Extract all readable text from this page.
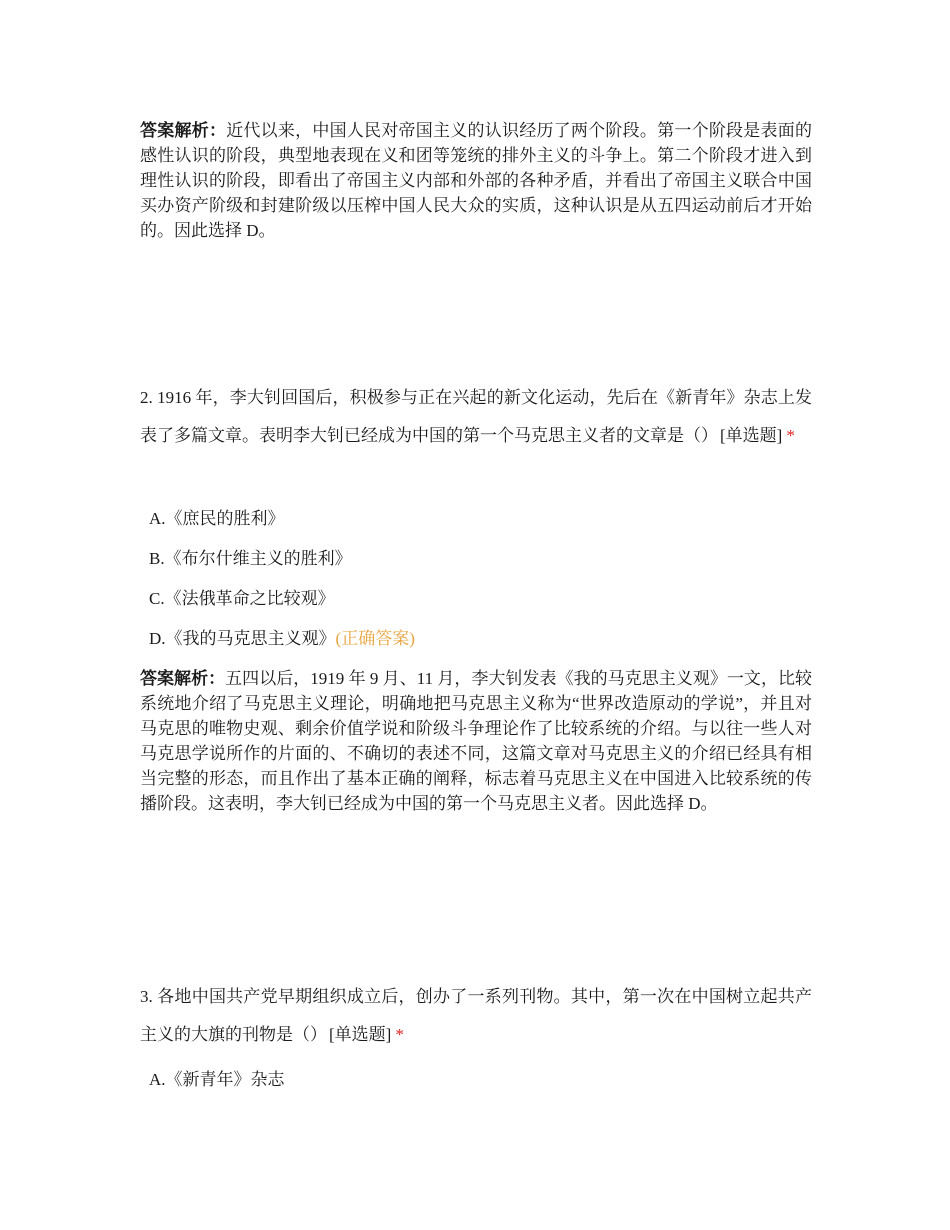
答案解析：近代以来，中国人民对帝国主义的认识经历了两个阶段。第一个阶段是表面的感性认识的阶段，典型地表现在义和团等笼统的排外主义的斗争上。第二个阶段才进入到理性认识的阶段，即看出了帝国主义内部和外部的各种矛盾，并看出了帝国主义联合中国买办资产阶级和封建阶级以压榨中国人民大众的实质，这种认识是从五四运动前后才开始的。因此选择 D。

2. 1916 年，李大钊回国后，积极参与正在兴起的新文化运动，先后在《新青年》杂志上发表了多篇文章。表明李大钊已经成为中国的第一个马克思主义者的文章是（） [单选题] *

A.《庶民的胜利》
B.《布尔什维主义的胜利》
C.《法俄革命之比较观》
D.《我的马克思主义观》(正确答案)

答案解析：五四以后，1919 年 9 月、11 月，李大钊发表《我的马克思主义观》一文，比较系统地介绍了马克思主义理论，明确地把马克思主义称为“世界改造原动的学说”，并且对马克思的唯物史观、剩余价值学说和阶级斗争理论作了比较系统的介绍。与以往一些人对马克思学说所作的片面的、不确切的表述不同，这篇文章对马克思主义的介绍已经具有相当完整的形态，而且作出了基本正确的阐释，标志着马克思主义在中国进入比较系统的传播阶段。这表明，李大钊已经成为中国的第一个马克思主义者。因此选择 D。

3. 各地中国共产党早期组织成立后，创办了一系列刊物。其中，第一次在中国树立起共产主义的大旗的刊物是（） [单选题] *

A.《新青年》杂志
